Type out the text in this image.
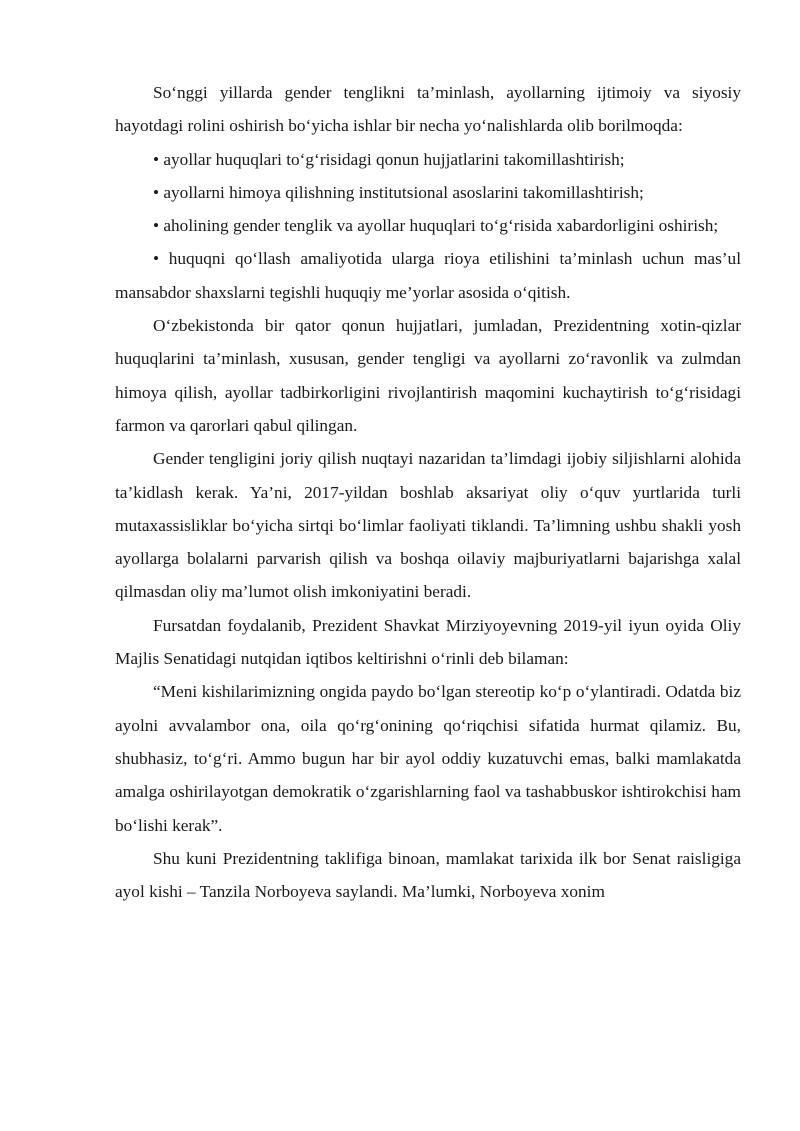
So‘nggi yillarda gender tenglikni ta’minlash, ayollarning ijtimoiy va siyosiy hayotdagi rolini oshirish bo‘yicha ishlar bir necha yo‘nalishlarda olib borilmoqda:

• ayollar huquqlari to‘g‘risidagi qonun hujjatlarini takomillashtirish;

• ayollarni himoya qilishning institutsional asoslarini takomillashtirish;

• aholining gender tenglik va ayollar huquqlari to‘g‘risida xabardorligini oshirish;

• huquqni qo‘llash amaliyotida ularga rioya etilishini ta’minlash uchun mas’ul mansabdor shaxslarni tegishli huquqiy me’yorlar asosida o‘qitish.

O‘zbekistonda bir qator qonun hujjatlari, jumladan, Prezidentning xotin-qizlar huquqlarini ta’minlash, xususan, gender tengligi va ayollarni zo‘ravonlik va zulmdan himoya qilish, ayollar tadbirkorligini rivojlantirish maqomini kuchaytirish to‘g‘risidagi farmon va qarorlari qabul qilingan.

Gender tengligini joriy qilish nuqtayi nazaridan ta’limdagi ijobiy siljishlarni alohida ta’kidlash kerak. Ya’ni, 2017-yildan boshlab aksariyat oliy o‘quv yurtlarida turli mutaxassisliklar bo‘yicha sirtqi bo‘limlar faoliyati tiklandi. Ta’limning ushbu shakli yosh ayollarga bolalarni parvarish qilish va boshqa oilaviy majburiyatlarni bajarishga xalal qilmasdan oliy ma’lumot olish imkoniyatini beradi.

Fursatdan foydalanib, Prezident Shavkat Mirziyoyevning 2019-yil iyun oyida Oliy Majlis Senatidagi nutqidan iqtibos keltirishni o‘rinli deb bilaman:

“Meni kishilarimizning ongida paydo bo‘lgan stereotip ko‘p o‘ylantiradi. Odatda biz ayolni avvalambor ona, oila qo‘rg‘onining qo‘riqchisi sifatida hurmat qilamiz. Bu, shubhasiz, to‘g‘ri. Ammo bugun har bir ayol oddiy kuzatuvchi emas, balki mamlakatda amalga oshirilayotgan demokratik o‘zgarishlarning faol va tashabbuskor ishtirokchisi ham bo‘lishi kerak”.

Shu kuni Prezidentning taklifiga binoan, mamlakat tarixida ilk bor Senat raisligiga ayol kishi – Tanzila Norboyeva saylandi. Ma’lumki, Norboyeva xonim
